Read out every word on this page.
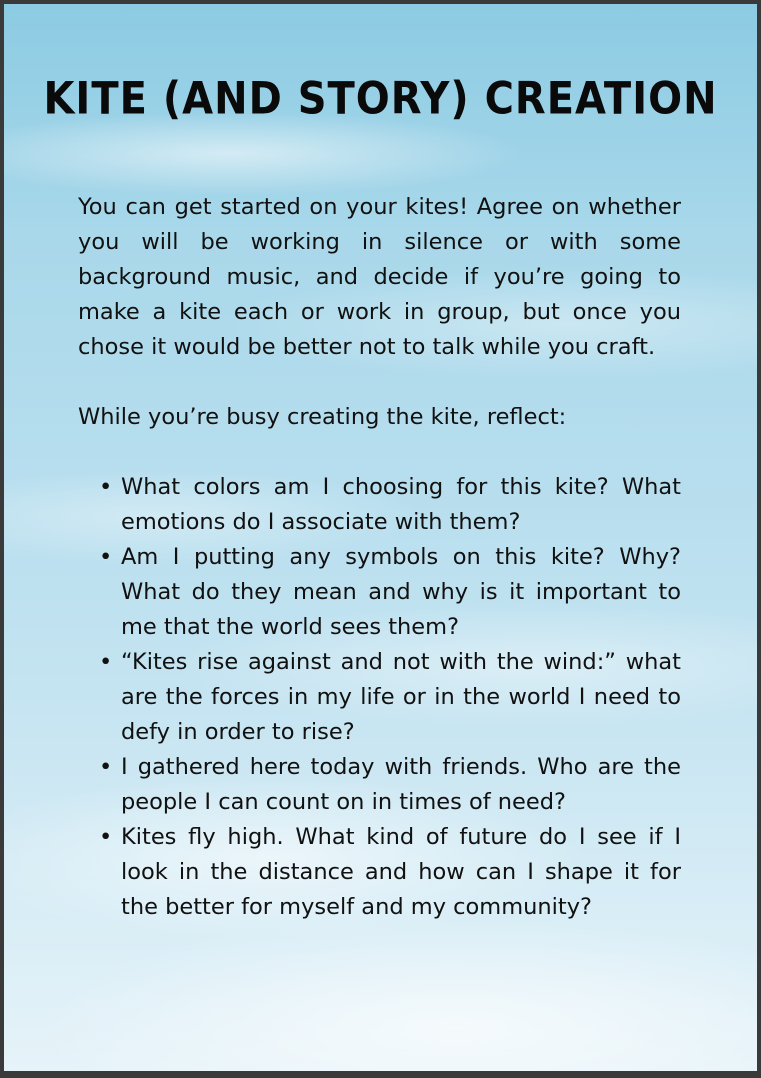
KITE (AND STORY) CREATION

You can get started on your kites! Agree on whether you will be working in silence or with some background music, and decide if you’re going to make a kite each or work in group, but once you chose it would be better not to talk while you craft.

While you’re busy creating the kite, reflect:

• What colors am I choosing for this kite? What emotions do I associate with them?
• Am I putting any symbols on this kite? Why? What do they mean and why is it important to me that the world sees them?
• “Kites rise against and not with the wind:” what are the forces in my life or in the world I need to defy in order to rise?
• I gathered here today with friends. Who are the people I can count on in times of need?
• Kites fly high. What kind of future do I see if I look in the distance and how can I shape it for the better for myself and my community?
